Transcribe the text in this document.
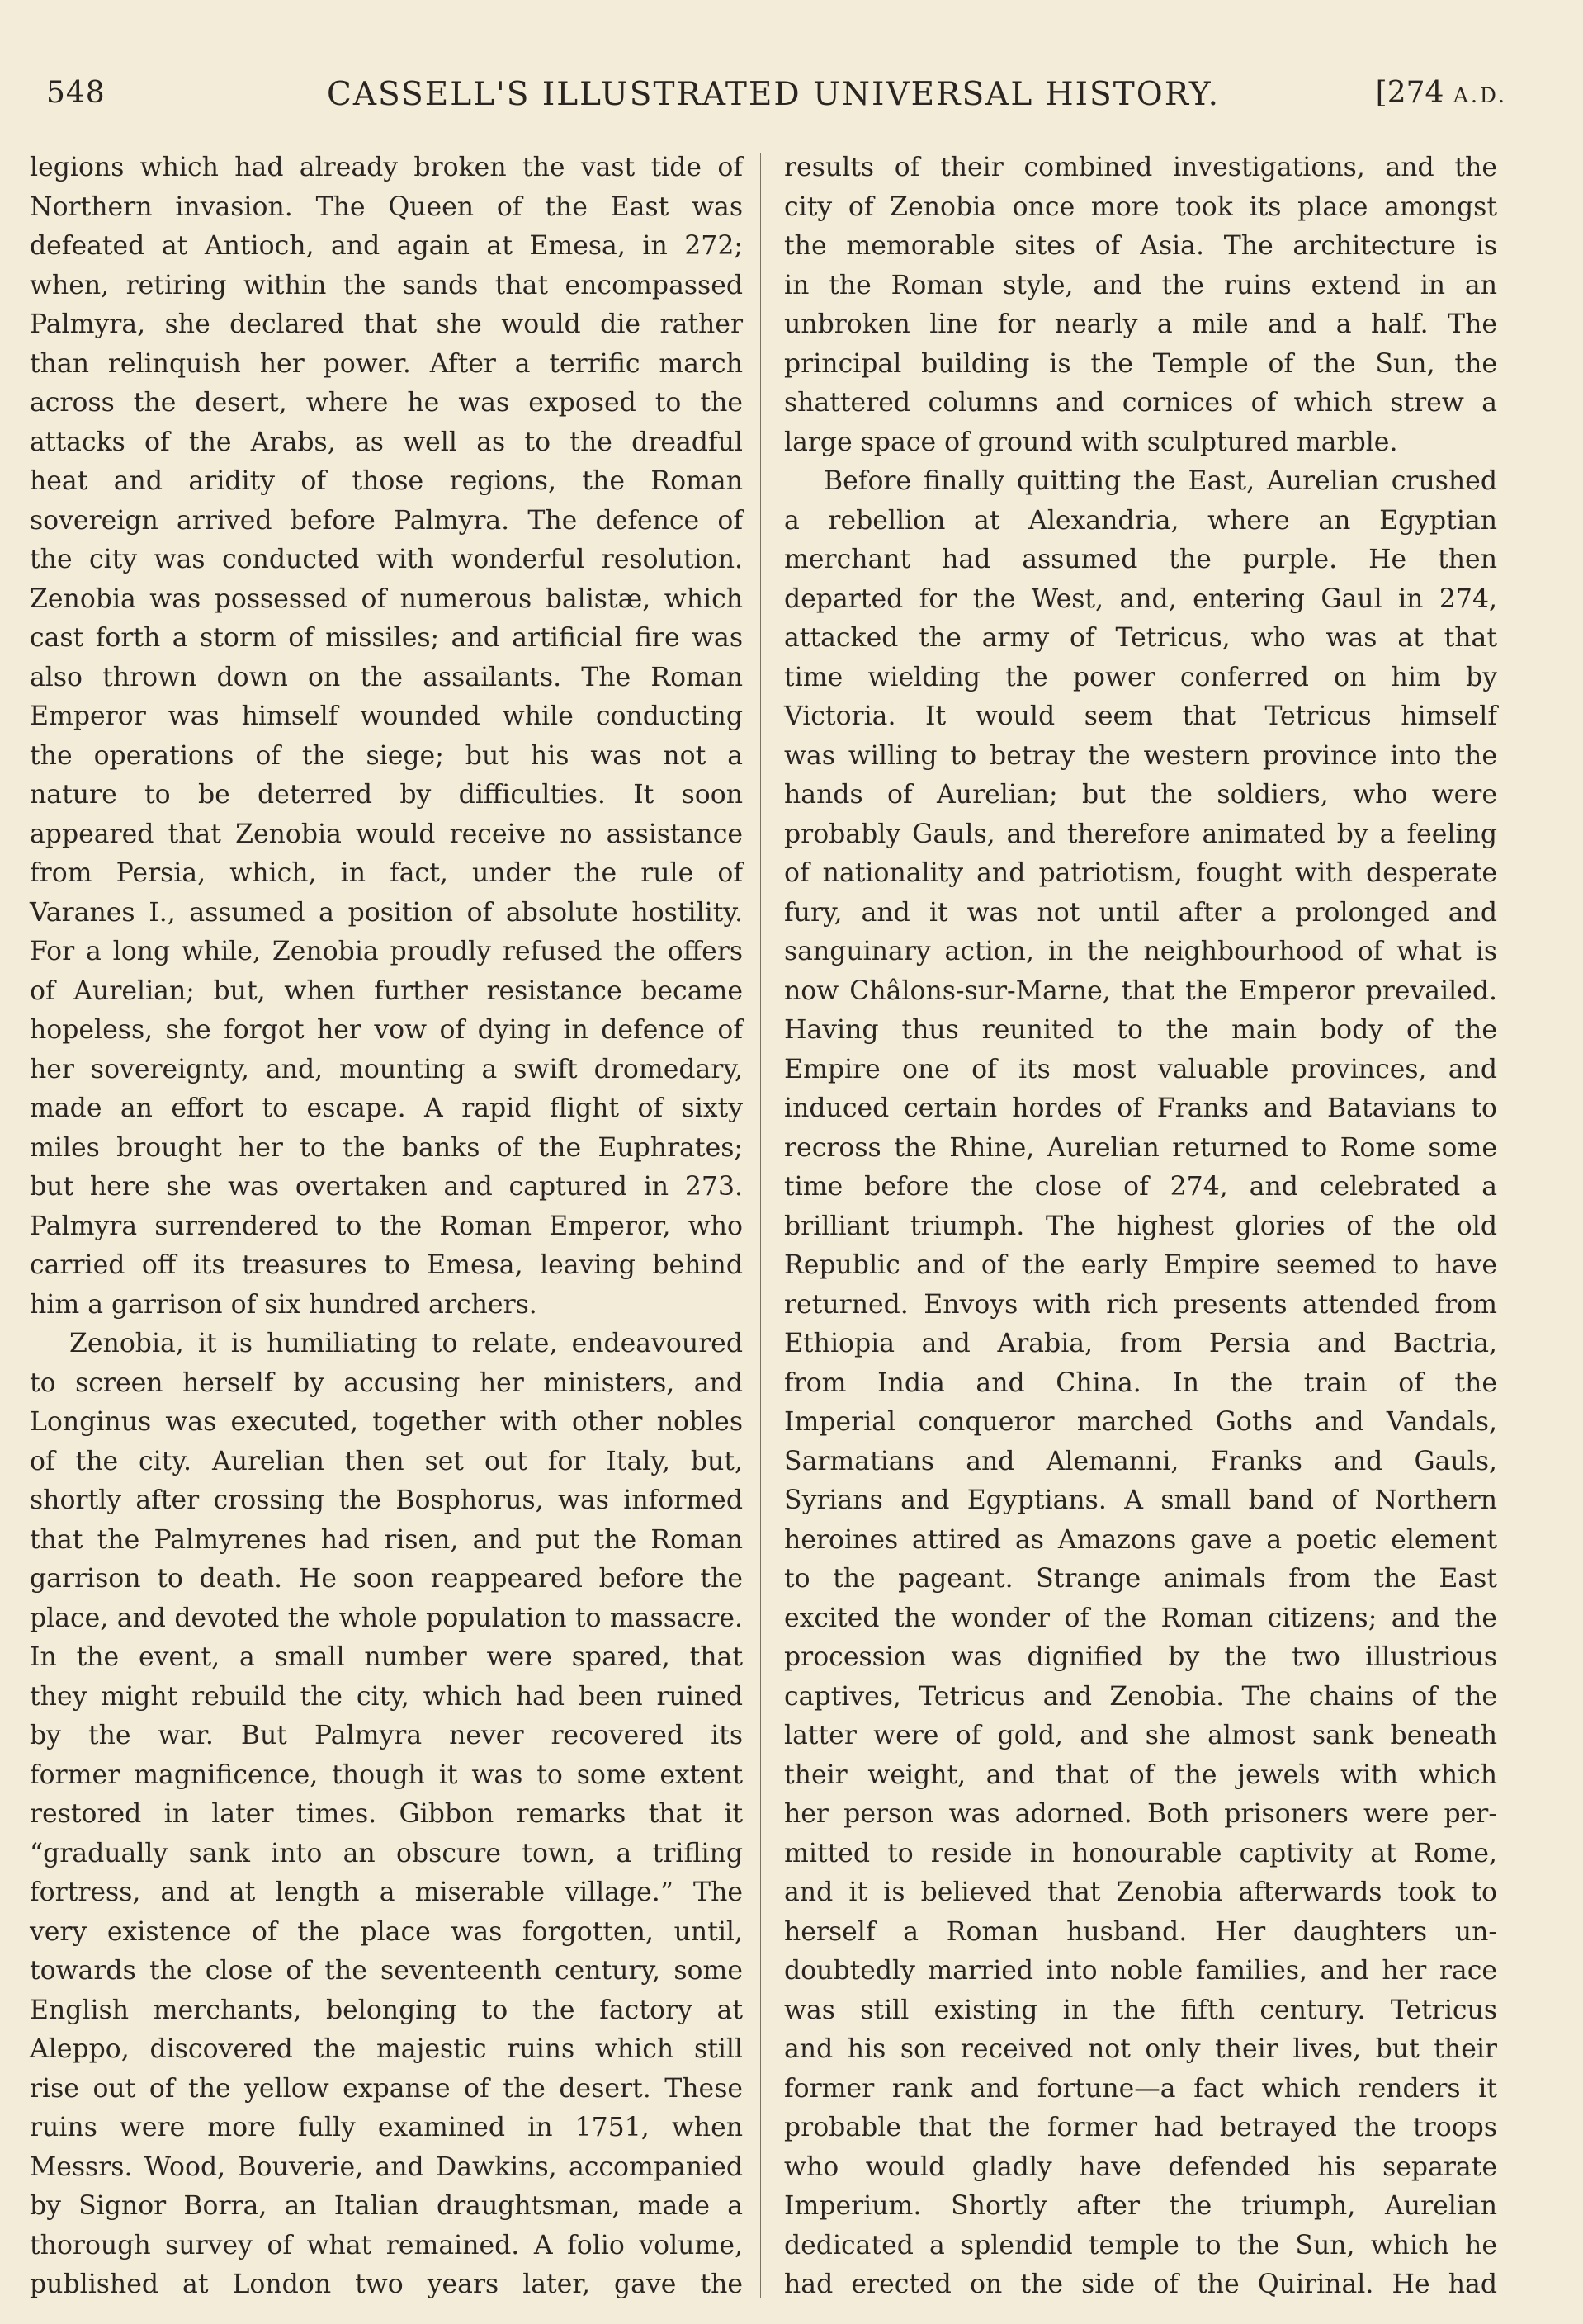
548	CASSELL'S ILLUSTRATED UNIVERSAL HISTORY.	[274 A.D.
legions which had already broken the vast tide of
Northern invasion. The Queen of the East was
defeated at Antioch, and again at Emesa, in 272;
when, retiring within the sands that encompassed
Palmyra, she declared that she would die rather
than relinquish her power. After a terrific march
across the desert, where he was exposed to the
attacks of the Arabs, as well as to the dreadful
heat and aridity of those regions, the Roman
sovereign arrived before Palmyra. The defence of
the city was conducted with wonderful resolution.
Zenobia was possessed of numerous balistæ, which
cast forth a storm of missiles; and artificial fire was
also thrown down on the assailants. The Roman
Emperor was himself wounded while conducting
the operations of the siege; but his was not a
nature to be deterred by difficulties. It soon
appeared that Zenobia would receive no assistance
from Persia, which, in fact, under the rule of
Varanes I., assumed a position of absolute hostility.
For a long while, Zenobia proudly refused the offers
of Aurelian; but, when further resistance became
hopeless, she forgot her vow of dying in defence of
her sovereignty, and, mounting a swift dromedary,
made an effort to escape. A rapid flight of sixty
miles brought her to the banks of the Euphrates;
but here she was overtaken and captured in 273.
Palmyra surrendered to the Roman Emperor, who
carried off its treasures to Emesa, leaving behind
him a garrison of six hundred archers.
Zenobia, it is humiliating to relate, endeavoured
to screen herself by accusing her ministers, and
Longinus was executed, together with other nobles
of the city. Aurelian then set out for Italy, but,
shortly after crossing the Bosphorus, was informed
that the Palmyrenes had risen, and put the Roman
garrison to death. He soon reappeared before the
place, and devoted the whole population to massacre.
In the event, a small number were spared, that
they might rebuild the city, which had been ruined
by the war. But Palmyra never recovered its
former magnificence, though it was to some extent
restored in later times. Gibbon remarks that it
“gradually sank into an obscure town, a trifling
fortress, and at length a miserable village.” The
very existence of the place was forgotten, until,
towards the close of the seventeenth century, some
English merchants, belonging to the factory at
Aleppo, discovered the majestic ruins which still
rise out of the yellow expanse of the desert. These
ruins were more fully examined in 1751, when
Messrs. Wood, Bouverie, and Dawkins, accompanied
by Signor Borra, an Italian draughtsman, made a
thorough survey of what remained. A folio volume,
published at London two years later, gave the
results of their combined investigations, and the
city of Zenobia once more took its place amongst
the memorable sites of Asia. The architecture is
in the Roman style, and the ruins extend in an
unbroken line for nearly a mile and a half. The
principal building is the Temple of the Sun, the
shattered columns and cornices of which strew a
large space of ground with sculptured marble.
Before finally quitting the East, Aurelian crushed
a rebellion at Alexandria, where an Egyptian
merchant had assumed the purple. He then
departed for the West, and, entering Gaul in 274,
attacked the army of Tetricus, who was at that
time wielding the power conferred on him by
Victoria. It would seem that Tetricus himself
was willing to betray the western province into the
hands of Aurelian; but the soldiers, who were
probably Gauls, and therefore animated by a feeling
of nationality and patriotism, fought with desperate
fury, and it was not until after a prolonged and
sanguinary action, in the neighbourhood of what is
now Châlons-sur-Marne, that the Emperor prevailed.
Having thus reunited to the main body of the
Empire one of its most valuable provinces, and
induced certain hordes of Franks and Batavians to
recross the Rhine, Aurelian returned to Rome some
time before the close of 274, and celebrated a
brilliant triumph. The highest glories of the old
Republic and of the early Empire seemed to have
returned. Envoys with rich presents attended from
Ethiopia and Arabia, from Persia and Bactria,
from India and China. In the train of the
Imperial conqueror marched Goths and Vandals,
Sarmatians and Alemanni, Franks and Gauls,
Syrians and Egyptians. A small band of Northern
heroines attired as Amazons gave a poetic element
to the pageant. Strange animals from the East
excited the wonder of the Roman citizens; and the
procession was dignified by the two illustrious
captives, Tetricus and Zenobia. The chains of the
latter were of gold, and she almost sank beneath
their weight, and that of the jewels with which
her person was adorned. Both prisoners were per-
mitted to reside in honourable captivity at Rome,
and it is believed that Zenobia afterwards took to
herself a Roman husband. Her daughters un-
doubtedly married into noble families, and her race
was still existing in the fifth century. Tetricus
and his son received not only their lives, but their
former rank and fortune—a fact which renders it
probable that the former had betrayed the troops
who would gladly have defended his separate
Imperium. Shortly after the triumph, Aurelian
dedicated a splendid temple to the Sun, which he
had erected on the side of the Quirinal. He had
